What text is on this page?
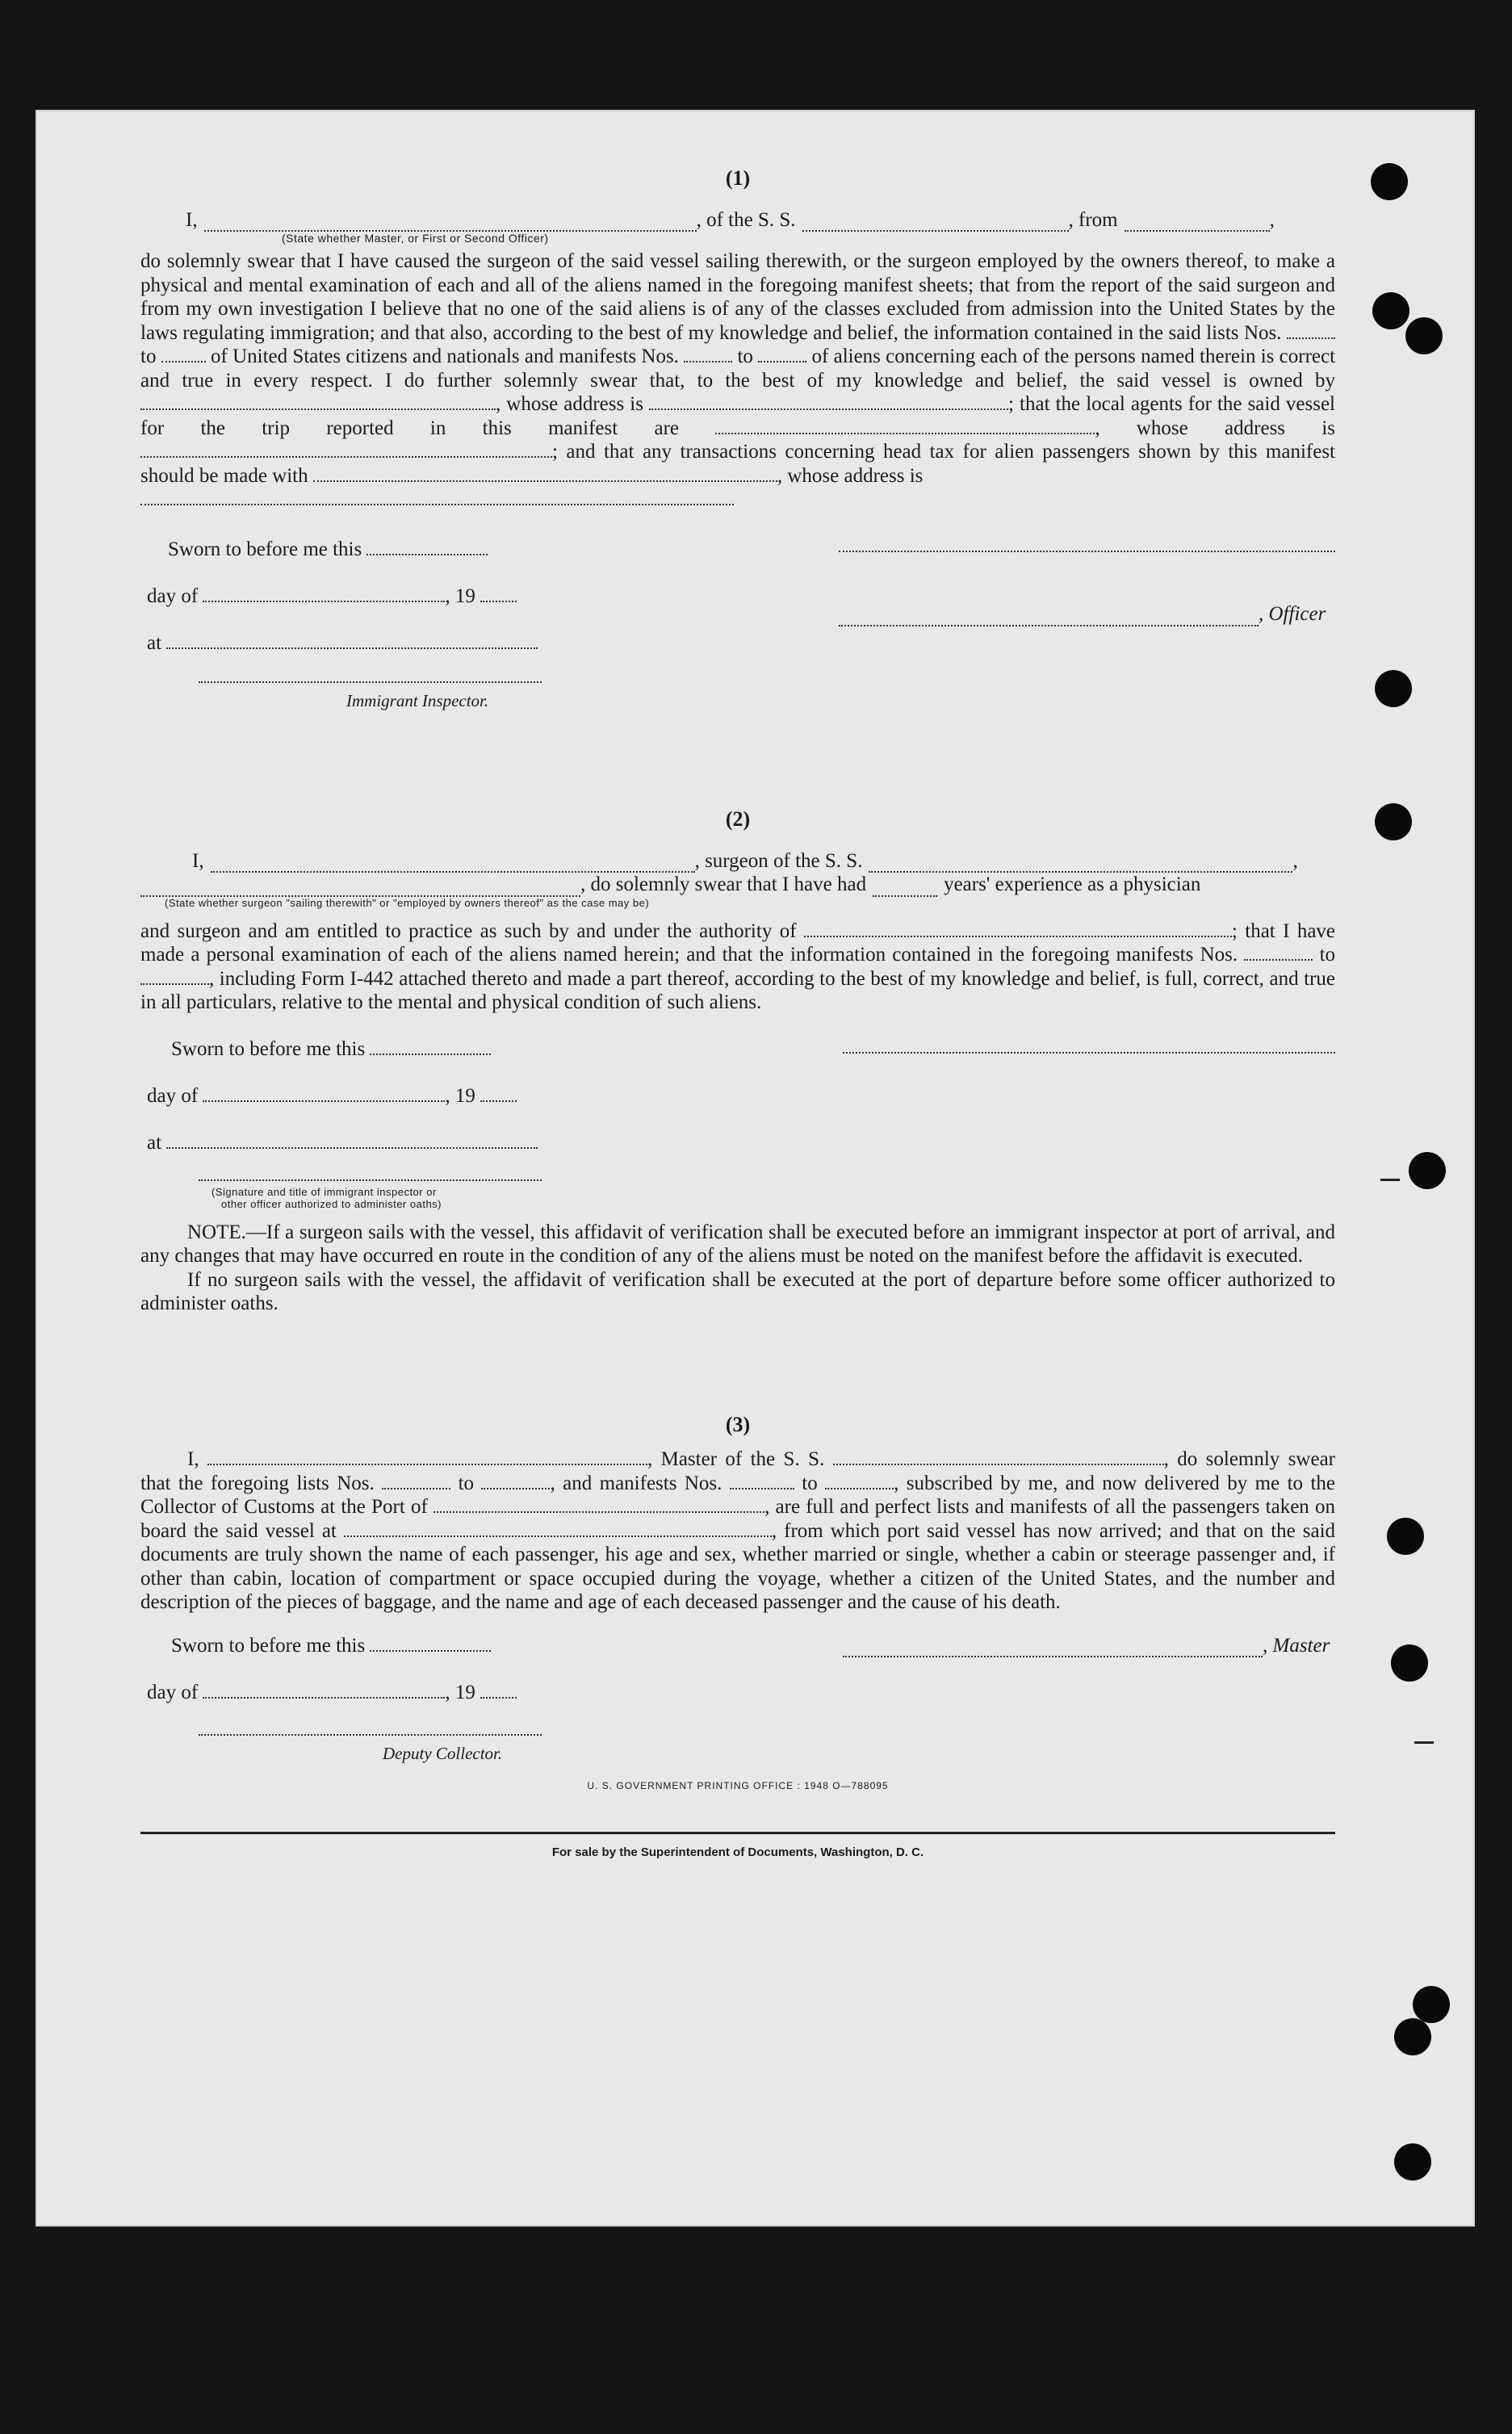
(1)
I,	, of the S. S.	, from	,
(State whether Master, or First or Second Officer)

do solemnly swear that I have caused the surgeon of the said vessel sailing therewith, or the surgeon employed by the owners thereof, to make a physical and mental examination of each and all of the aliens named in the foregoing manifest sheets; that from the report of the said surgeon and from my own investigation I believe that no one of the said aliens is of any of the classes excluded from admission into the United States by the laws regulating immigration; and that also, according to the best of my knowledge and belief, the information contained in the said lists Nos.  to	of United States citizens and nationals and manifests Nos.	to	of aliens concerning each of the persons named therein is correct and true in every respect. I do further solemnly swear that, to the best of my knowledge and belief, the said vessel is owned by , whose address is	; that the local agents for the said vessel for the trip reported in this manifest are	, whose address is ; and that any transactions concerning head tax for alien passengers shown by this manifest should be made with	, whose address is

Sworn to before me this
day of	, 19
at
Immigrant Inspector.
, Officer
(2)
I,	, surgeon of the S. S.	,
, do solemnly swear that I have had	years' experience as a physician
(State whether surgeon "sailing therewith" or "employed by owners thereof" as the case may be)

and surgeon and am entitled to practice as such by and under the authority of	; that I have made a personal examination of each of the aliens named herein; and that the information contained in the foregoing manifests Nos.	to , including Form I-442 attached thereto and made a part thereof, according to the best of my knowledge and belief, is full, correct, and true in all particulars, relative to the mental and physical condition of such aliens.

Sworn to before me this
day of	, 19
at
(Signature and title of immigrant inspector or
other officer authorized to administer oaths)

NOTE.—If a surgeon sails with the vessel, this affidavit of verification shall be executed before an immigrant inspector at port of arrival, and any changes that may have occurred en route in the condition of any of the aliens must be noted on the manifest before the affidavit is executed.

If no surgeon sails with the vessel, the affidavit of verification shall be executed at the port of departure before some officer authorized to administer oaths.

(3)

I,	, Master of the S. S.	, do solemnly swear that the foregoing lists Nos.	to	, and manifests Nos.	to	, subscribed by me, and now delivered by me to the Collector of Customs at the Port of	, are full and perfect lists and manifests of all the passengers taken on board the said vessel at	, from which port said vessel has now arrived; and that on the said documents are truly shown the name of each passenger, his age and sex, whether married or single, whether a cabin or steerage passenger and, if other than cabin, location of compartment or space occupied during the voyage, whether a citizen of the United States, and the number and description of the pieces of baggage, and the name and age of each deceased passenger and the cause of his death.

Sworn to before me this	, Master
day of	, 19
Deputy Collector.
U. S. GOVERNMENT PRINTING OFFICE : 1948 O—788095
For sale by the Superintendent of Documents, Washington, D. C.
